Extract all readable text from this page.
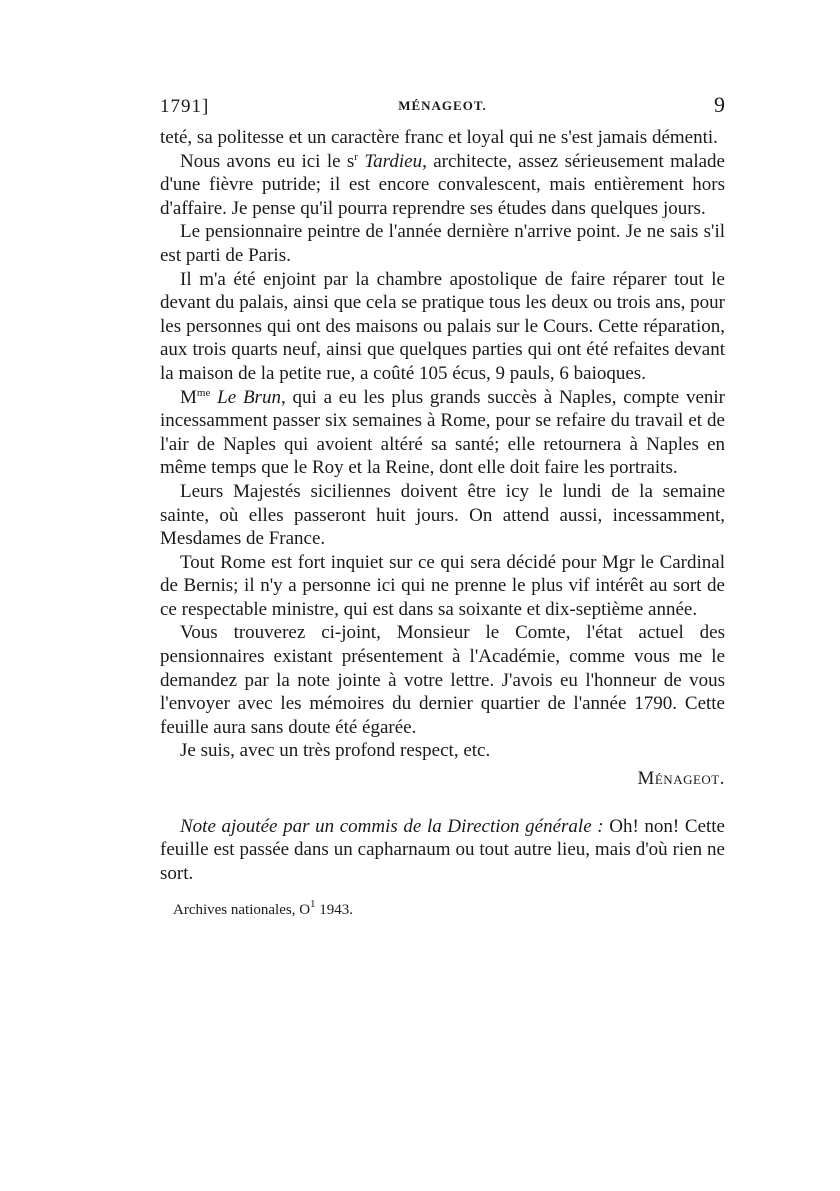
1791]	MÉNAGEOT.	9

teté, sa politesse et un caractère franc et loyal qui ne s'est jamais démenti.

Nous avons eu ici le $s^r$ Tardieu, architecte, assez sérieusement malade d'une fièvre putride; il est encore convalescent, mais entièrement hors d'affaire. Je pense qu'il pourra reprendre ses études dans quelques jours.

Le pensionnaire peintre de l'année dernière n'arrive point. Je ne sais s'il est parti de Paris.

Il m'a été enjoint par la chambre apostolique de faire réparer tout le devant du palais, ainsi que cela se pratique tous les deux ou trois ans, pour les personnes qui ont des maisons ou palais sur le Cours. Cette réparation, aux trois quarts neuf, ainsi que quelques parties qui ont été refaites devant la maison de la petite rue, a coûté 105 écus, 9 pauls, 6 baioques.

$M^{me}$ Le Brun, qui a eu les plus grands succès à Naples, compte venir incessamment passer six semaines à Rome, pour se refaire du travail et de l'air de Naples qui avoient altéré sa santé; elle retournera à Naples en même temps que le Roy et la Reine, dont elle doit faire les portraits.

Leurs Majestés siciliennes doivent être icy le lundi de la semaine sainte, où elles passeront huit jours. On attend aussi, incessamment, Mesdames de France.

Tout Rome est fort inquiet sur ce qui sera décidé pour Mgr le Cardinal de Bernis; il n'y a personne ici qui ne prenne le plus vif intérêt au sort de ce respectable ministre, qui est dans sa soixante et dix-septième année.

Vous trouverez ci-joint, Monsieur le Comte, l'état actuel des pensionnaires existant présentement à l'Académie, comme vous me le demandez par la note jointe à votre lettre. J'avois eu l'honneur de vous l'envoyer avec les mémoires du dernier quartier de l'année 1790. Cette feuille aura sans doute été égarée.

Je suis, avec un très profond respect, etc.

Ménageot.

Note ajoutée par un commis de la Direction générale : Oh! non! Cette feuille est passée dans un capharnaum ou tout autre lieu, mais d'où rien ne sort.

Archives nationales, $O^1$ 1943.
